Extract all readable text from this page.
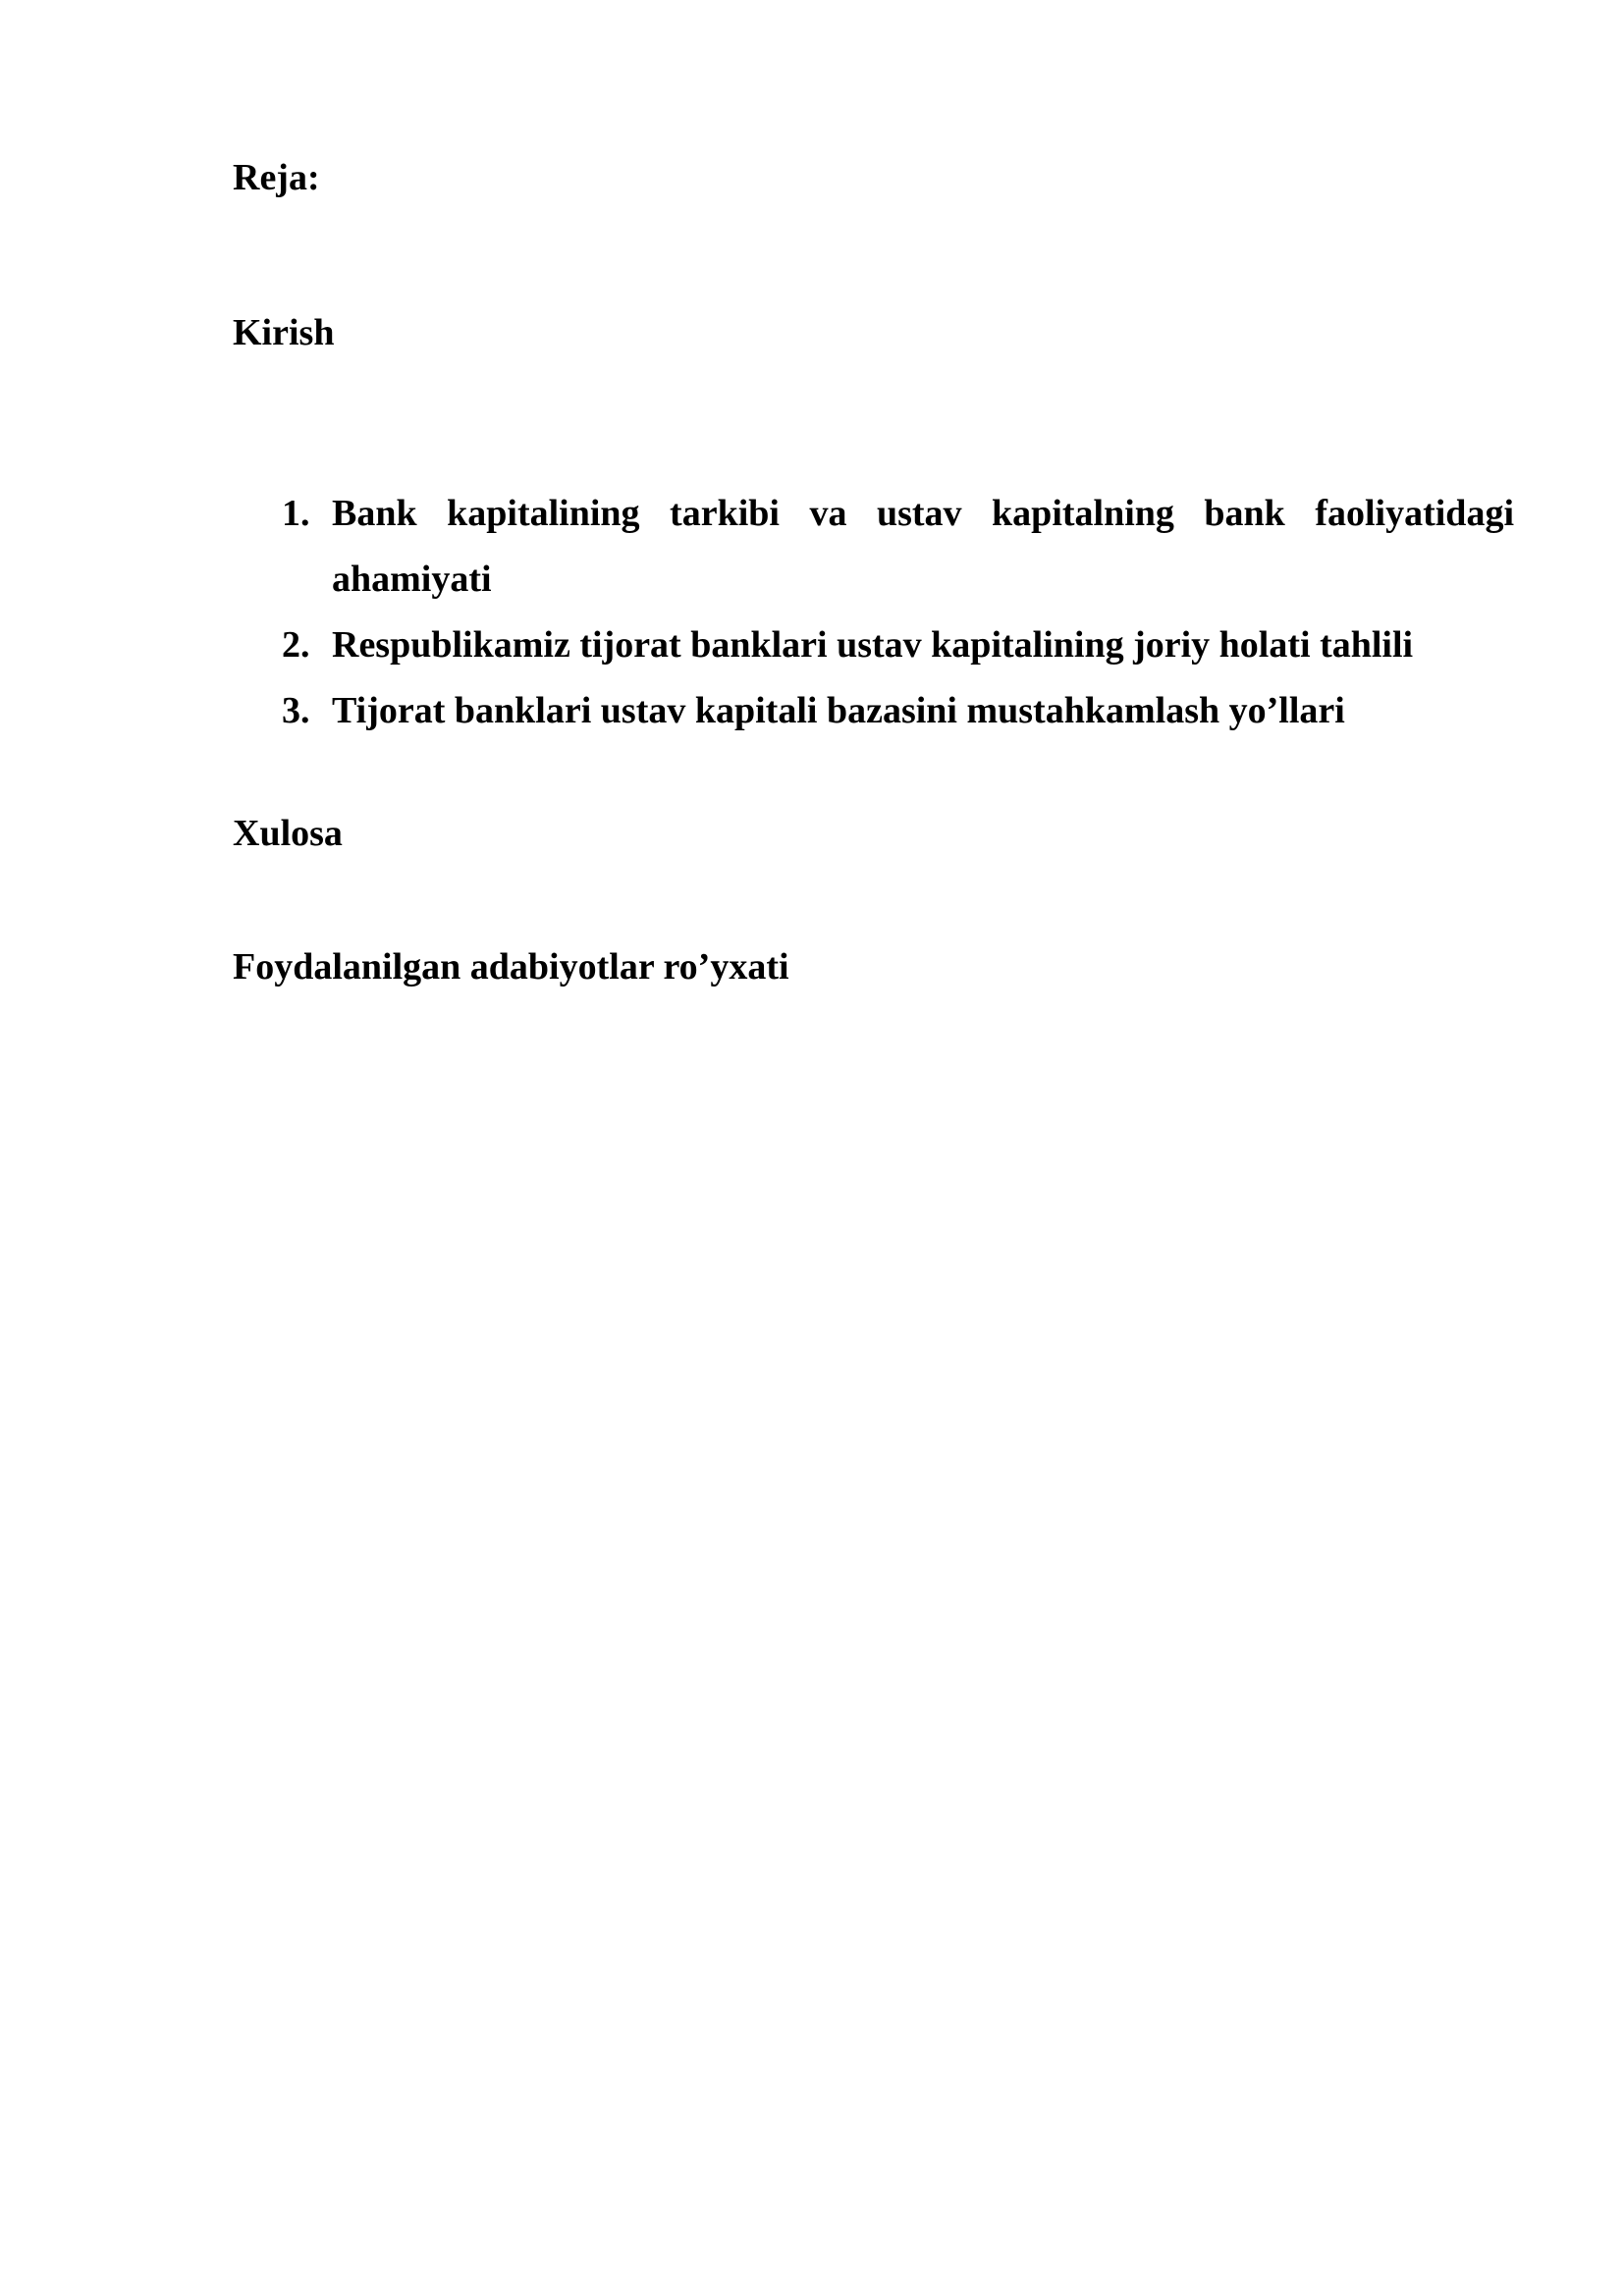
Reja:

Kirish

1. Bank kapitalining tarkibi va ustav kapitalning bank faoliyatidagi ahamiyati
2. Respublikamiz tijorat banklari ustav kapitalining joriy holati tahlili
3. Tijorat banklari ustav kapitali bazasini mustahkamlash yo’llari

Xulosa

Foydalanilgan adabiyotlar ro’yxati
